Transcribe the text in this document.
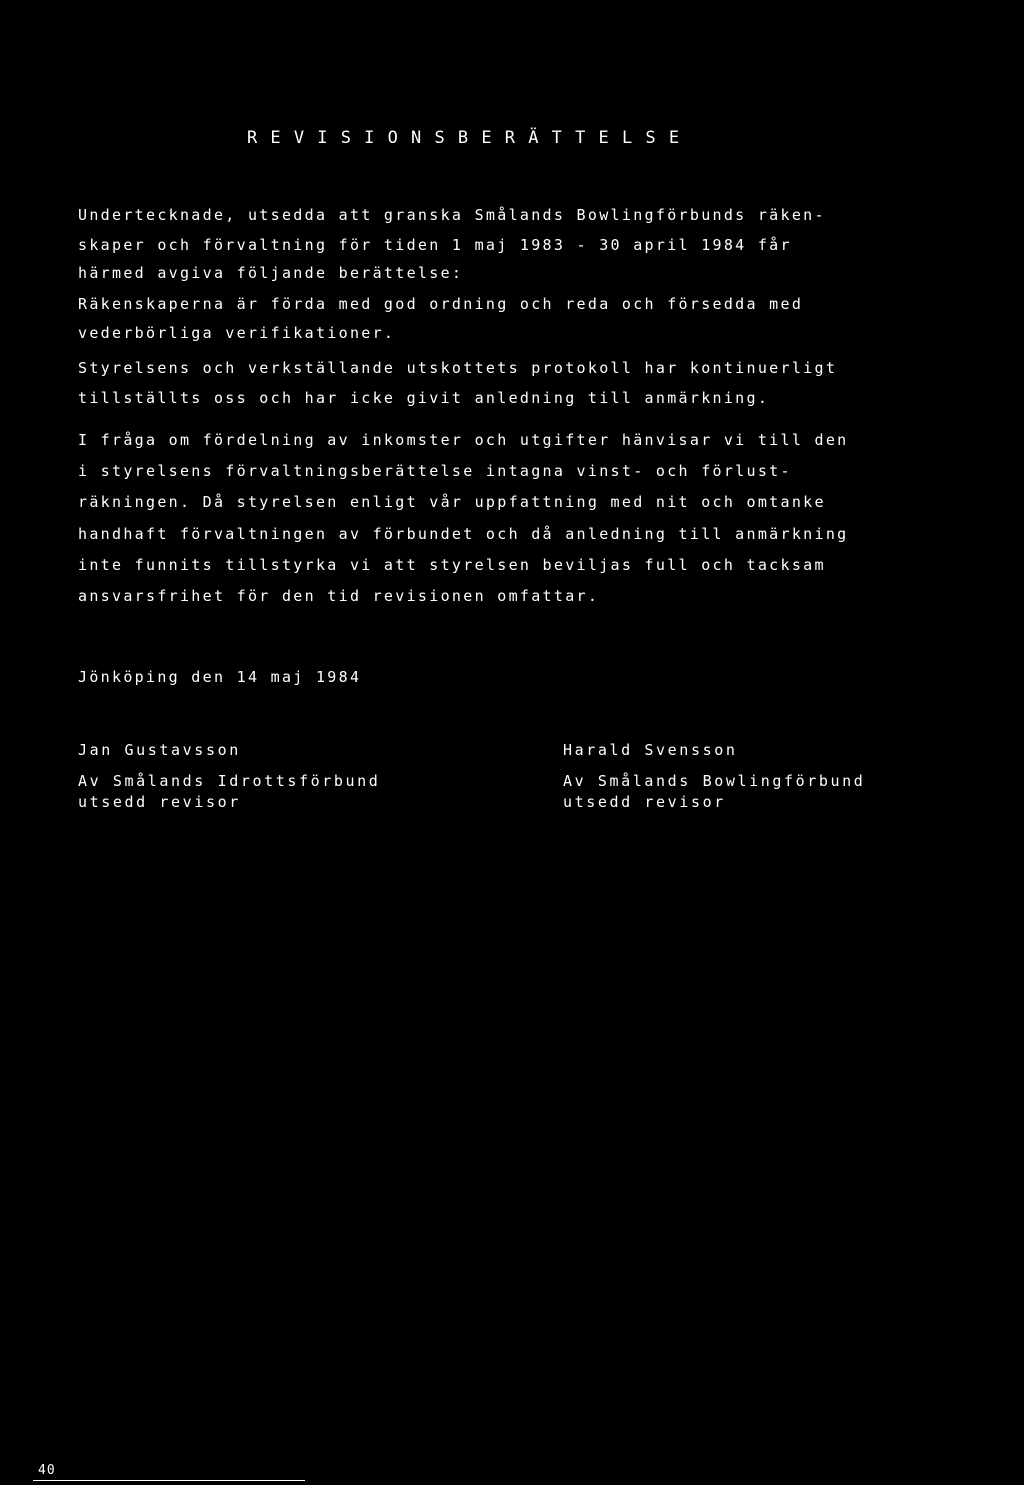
REVISIONSBERÄTTELSE
Undertecknade, utsedda att granska Smålands Bowlingförbunds räken-
skaper och förvaltning för tiden 1 maj 1983 - 30 april 1984 får
härmed avgiva följande berättelse:
Räkenskaperna är förda med god ordning och reda och försedda med
vederbörliga verifikationer.
Styrelsens och verkställande utskottets protokoll har kontinuerligt
tillställts oss och har icke givit anledning till anmärkning.
I fråga om fördelning av inkomster och utgifter hänvisar vi till den
i styrelsens förvaltningsberättelse intagna vinst- och förlust-
räkningen. Då styrelsen enligt vår uppfattning med nit och omtanke
handhaft förvaltningen av förbundet och då anledning till anmärkning
inte funnits tillstyrka vi att styrelsen beviljas full och tacksam
ansvarsfrihet för den tid revisionen omfattar.
Jönköping den 14 maj 1984
Jan Gustavsson
Av Smålands Idrottsförbund
utsedd revisor
Harald Svensson
Av Smålands Bowlingförbund
utsedd revisor
40
